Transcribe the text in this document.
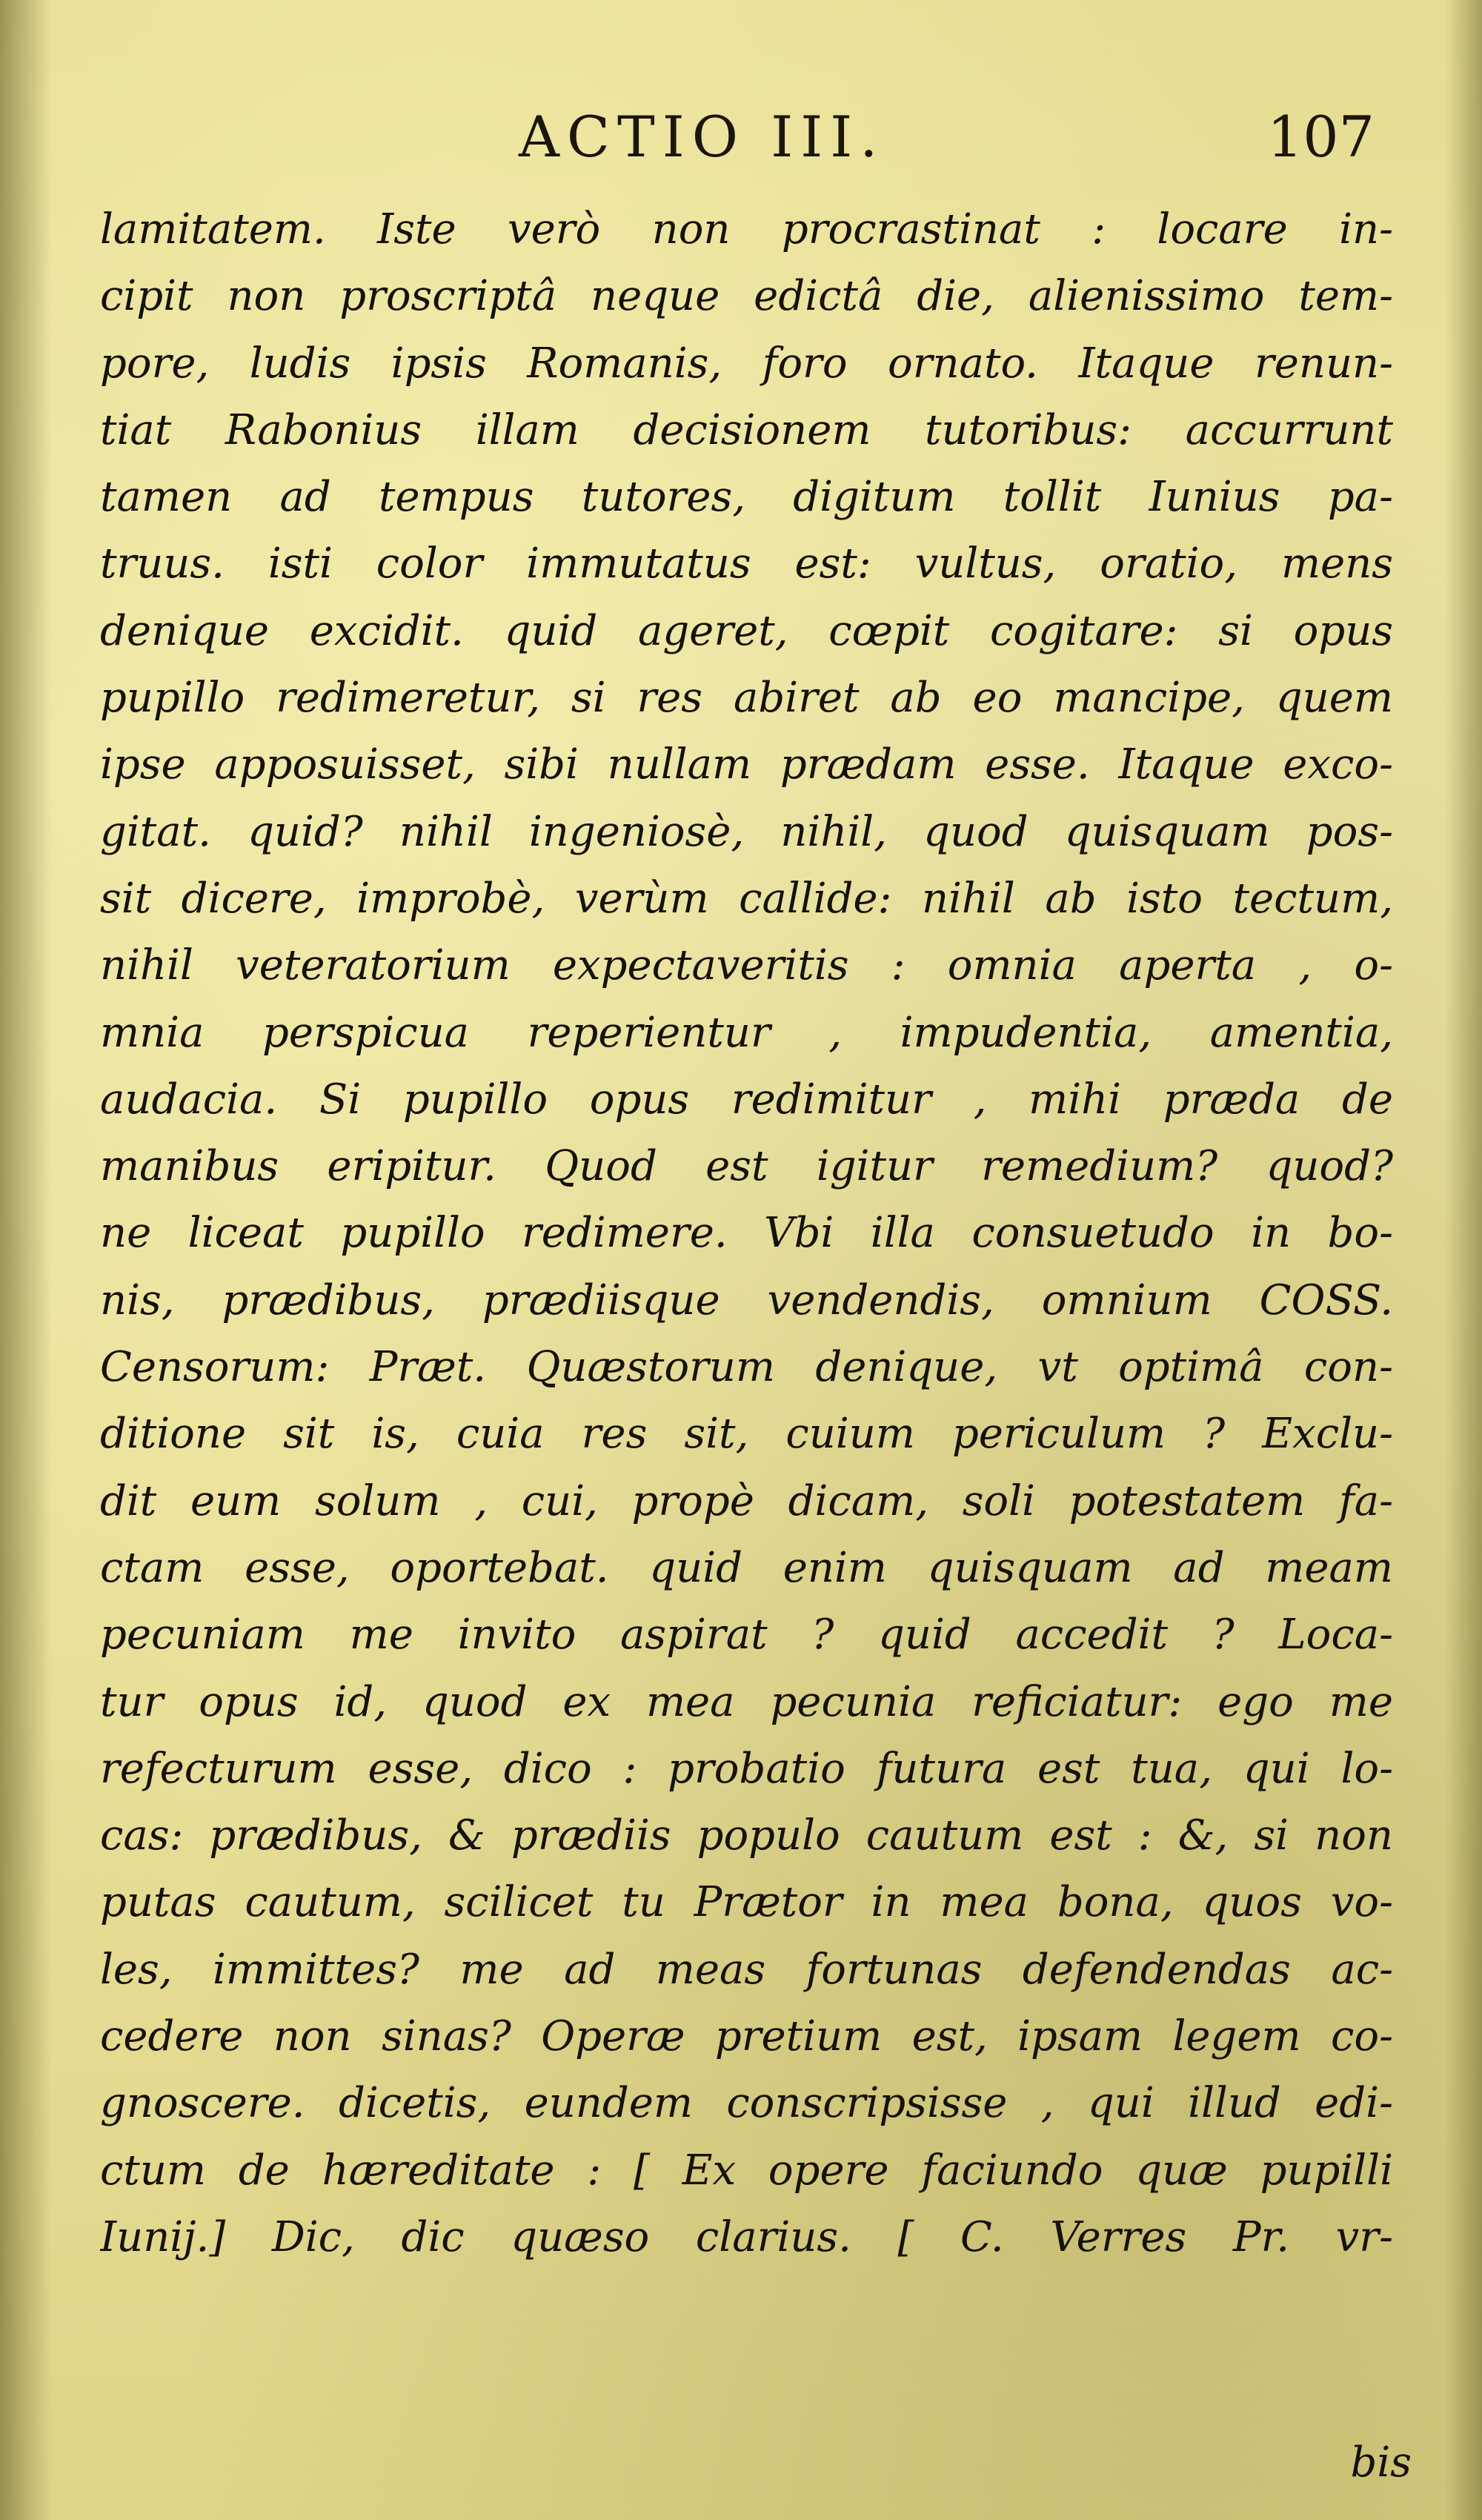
ACTIO III.	107
lamitatem. Iste verò non procrastinat : locare in-
cipit non proscriptâ neque edictâ die, alienissimo tem-
pore, ludis ipsis Romanis, foro ornato. Itaque renun-
tiat Rabonius illam decisionem tutoribus: accurrunt
tamen ad tempus tutores, digitum tollit Iunius pa-
truus. isti color immutatus est: vultus, oratio, mens
denique excidit. quid ageret, cœpit cogitare: si opus
pupillo redimeretur, si res abiret ab eo mancipe, quem
ipse apposuisset, sibi nullam prædam esse. Itaque exco-
gitat. quid? nihil ingeniosè, nihil, quod quisquam pos-
sit dicere, improbè, verùm callide: nihil ab isto tectum,
nihil veteratorium expectaveritis : omnia aperta , o-
mnia perspicua reperientur , impudentia, amentia,
audacia. Si pupillo opus redimitur , mihi præda de
manibus eripitur. Quod est igitur remedium? quod?
ne liceat pupillo redimere. Vbi illa consuetudo in bo-
nis, prædibus, prædiisque vendendis, omnium COSS.
Censorum: Præt. Quæstorum denique, vt optimâ con-
ditione sit is, cuia res sit, cuium periculum ? Exclu-
dit eum solum , cui, propè dicam, soli potestatem fa-
ctam esse, oportebat. quid enim quisquam ad meam
pecuniam me invito aspirat ? quid accedit ? Loca-
tur opus id, quod ex mea pecunia reficiatur: ego me
refecturum esse, dico : probatio futura est tua, qui lo-
cas: prædibus, & prædiis populo cautum est : &, si non
putas cautum, scilicet tu Prætor in mea bona, quos vo-
les, immittes? me ad meas fortunas defendendas ac-
cedere non sinas? Operæ pretium est, ipsam legem co-
gnoscere. dicetis, eundem conscripsisse , qui illud edi-
ctum de hæreditate : [ Ex opere faciundo quæ pupilli
Iunij.] Dic, dic quæso clarius. [ C. Verres Pr. vr-
bis
